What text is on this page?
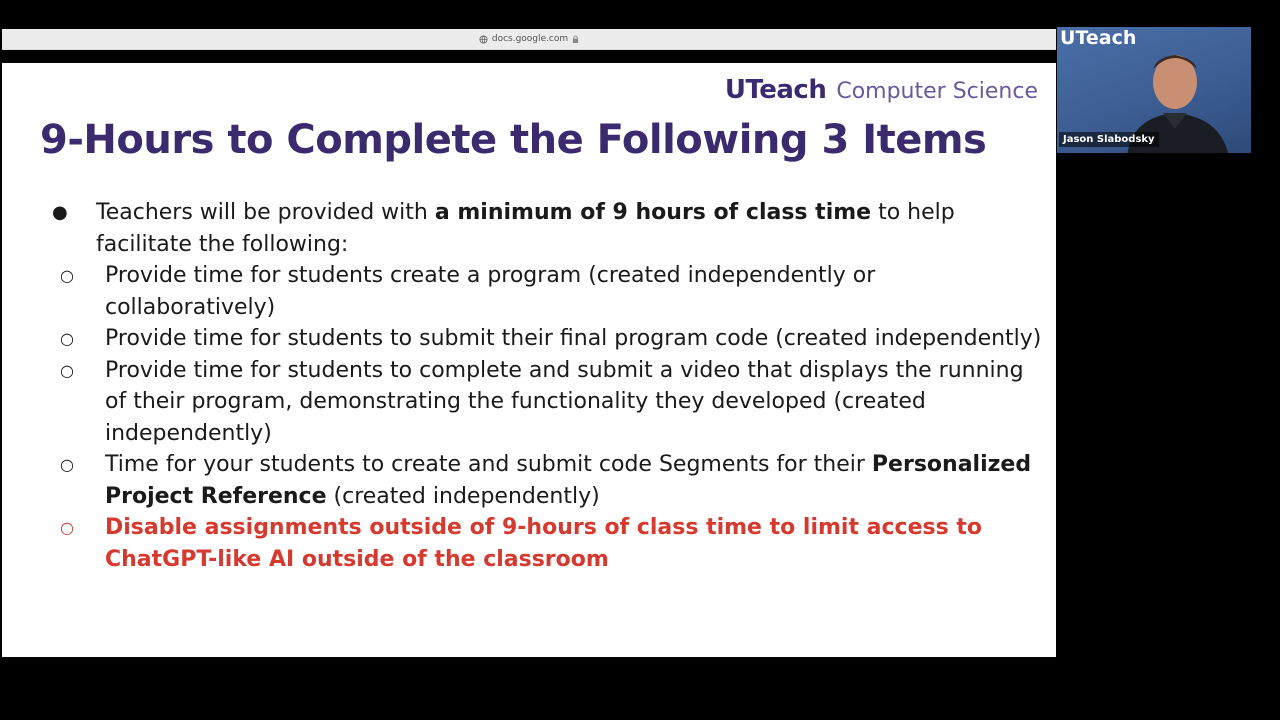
docs.google.com
UTeach Computer Science
9-Hours to Complete the Following 3 Items
●	Teachers will be provided with a minimum of 9 hours of class time to help facilitate the following:
○	Provide time for students create a program (created independently or collaboratively)
○	Provide time for students to submit their final program code (created independently)
○	Provide time for students to complete and submit a video that displays the running of their program, demonstrating the functionality they developed (created independently)
○	Time for your students to create and submit code Segments for their Personalized Project Reference (created independently)
○	Disable assignments outside of 9-hours of class time to limit access to ChatGPT-like AI outside of the classroom
UTeach
Jason Slabodsky
